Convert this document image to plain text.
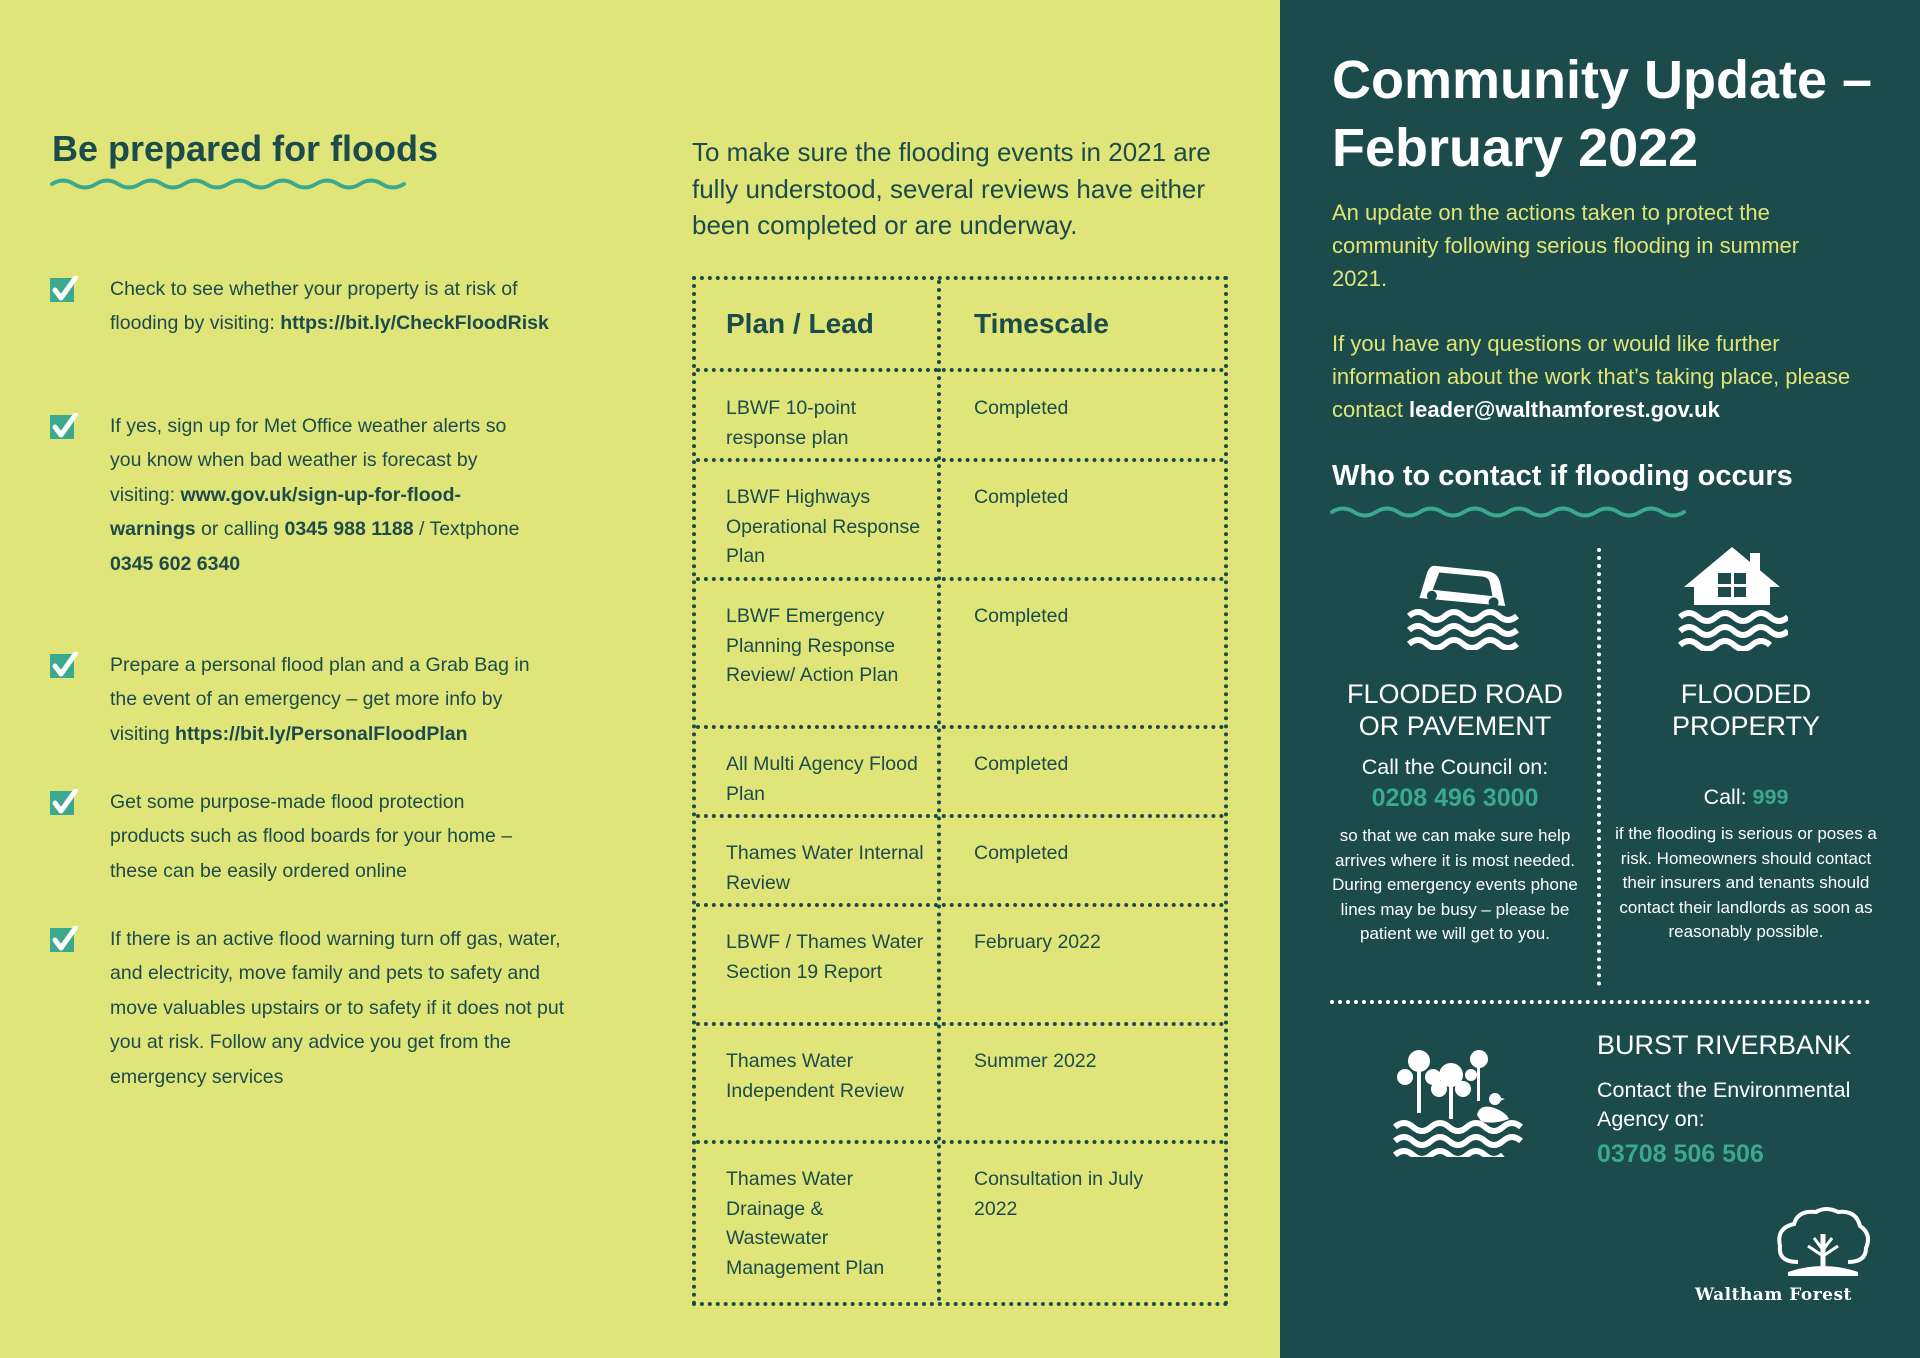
Be prepared for floods
Check to see whether your property is at risk of flooding by visiting: https://bit.ly/CheckFloodRisk
If yes, sign up for Met Office weather alerts so you know when bad weather is forecast by visiting: www.gov.uk/sign-up-for-flood-warnings or calling 0345 988 1188 / Textphone 0345 602 6340
Prepare a personal flood plan and a Grab Bag in the event of an emergency – get more info by visiting https://bit.ly/PersonalFloodPlan
Get some purpose-made flood protection products such as flood boards for your home – these can be easily ordered online
If there is an active flood warning turn off gas, water, and electricity, move family and pets to safety and move valuables upstairs or to safety if it does not put you at risk. Follow any advice you get from the emergency services

To make sure the flooding events in 2021 are fully understood, several reviews have either been completed or are underway.

Plan / Lead	Timescale

LBWF 10-point response plan

Completed

LBWF Highways Operational Response Plan

Completed

LBWF Emergency Planning Response Review/ Action Plan

Completed

All Multi Agency Flood Plan

Completed

Thames Water Internal Review

Completed

LBWF / Thames Water Section 19 Report

February 2022

Thames Water Independent Review

Summer 2022

Thames Water Drainage & Wastewater Management Plan

Consultation in July 2022

Community Update – February 2022

An update on the actions taken to protect the community following serious flooding in summer 2021.

If you have any questions or would like further information about the work that’s taking place, please contact leader@walthamforest.gov.uk

Who to contact if flooding occurs
FLOODED ROAD
OR PAVEMENT
Call the Council on:
0208 496 3000
so that we can make sure help arrives where it is most needed. During emergency events phone lines may be busy – please be patient we will get to you.
FLOODED
PROPERTY
Call: 999
if the flooding is serious or poses a risk. Homeowners should contact their insurers and tenants should contact their landlords as soon as reasonably possible.

BURST RIVERBANK

Contact the Environmental Agency on:

03708 506 506

Waltham Forest
